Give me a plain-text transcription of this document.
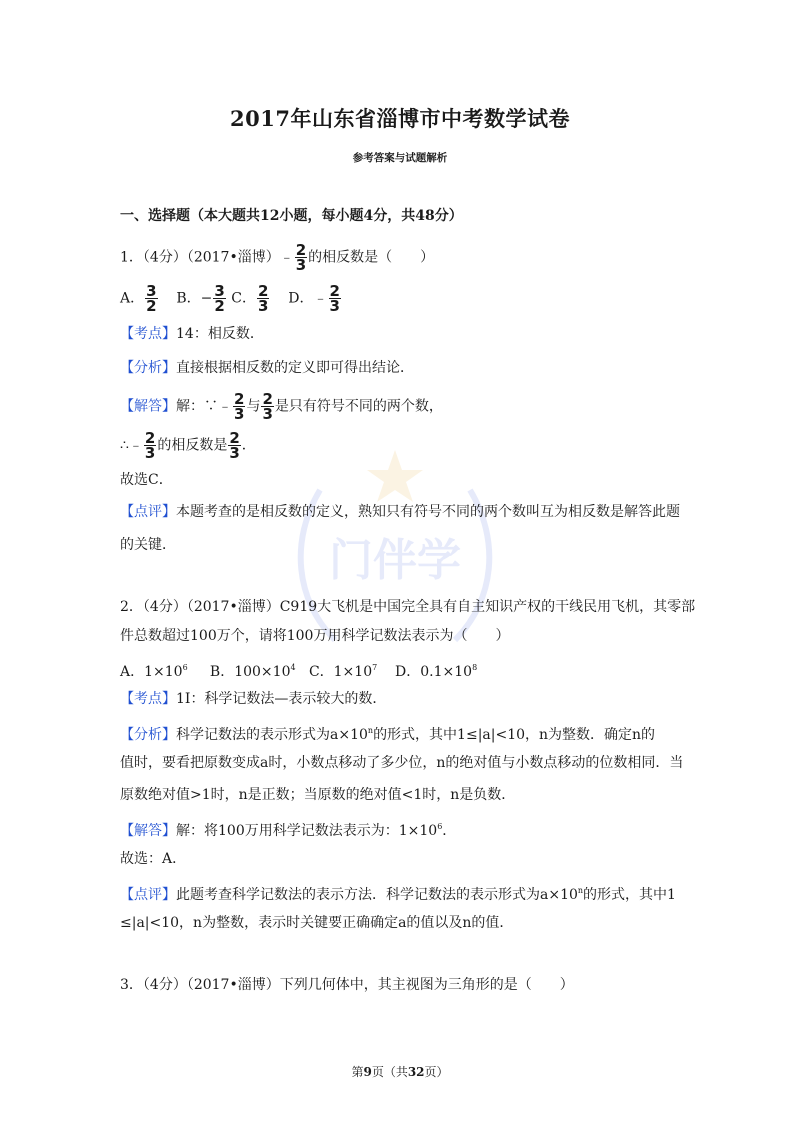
2017年山东省淄博市中考数学试卷
参考答案与试题解析
门伴学
一、选择题（本大题共12小题，每小题4分，共48分）
1．（4分）（2017•淄博）﹣ $\frac{2}{3}$ 的相反数是（　　）
A． $\frac{3}{2}$ B．− $\frac{3}{2}$ C． $\frac{2}{3}$ D．﹣ $\frac{2}{3}$
【考点】14：相反数．
【分析】直接根据相反数的定义即可得出结论．
【解答】解：∵﹣ $\frac{2}{3}$ 与 $\frac{2}{3}$ 是只有符号不同的两个数，
∴﹣ $\frac{2}{3}$ 的相反数是 $\frac{2}{3}$ ．
故选C．
【点评】本题考查的是相反数的定义，熟知只有符号不同的两个数叫互为相反数是解答此题
的关键．
2．（4分）（2017•淄博）C919大飞机是中国完全具有自主知识产权的干线民用飞机，其零部
件总数超过100万个，请将100万用科学记数法表示为（　　）
A．$1\times 10^6$ B．$100\times 10^4$ C．$1\times 10^7$ D．$0.1\times 10^8$
【考点】1I：科学记数法—表示较大的数．
【分析】科学记数法的表示形式为$a\times 10^n$的形式，其中1≤|a|<10，n为整数．确定n的
值时，要看把原数变成a时，小数点移动了多少位，n的绝对值与小数点移动的位数相同．当
原数绝对值>1时，n是正数；当原数的绝对值<1时，n是负数．
【解答】解：将100万用科学记数法表示为：$1\times 10^6$．
故选：A．
【点评】此题考查科学记数法的表示方法．科学记数法的表示形式为$a\times 10^n$的形式，其中1
≤|a|<10，n为整数，表示时关键要正确确定a的值以及n的值．
3．（4分）（2017•淄博）下列几何体中，其主视图为三角形的是（　　）
第9页（共32页）
